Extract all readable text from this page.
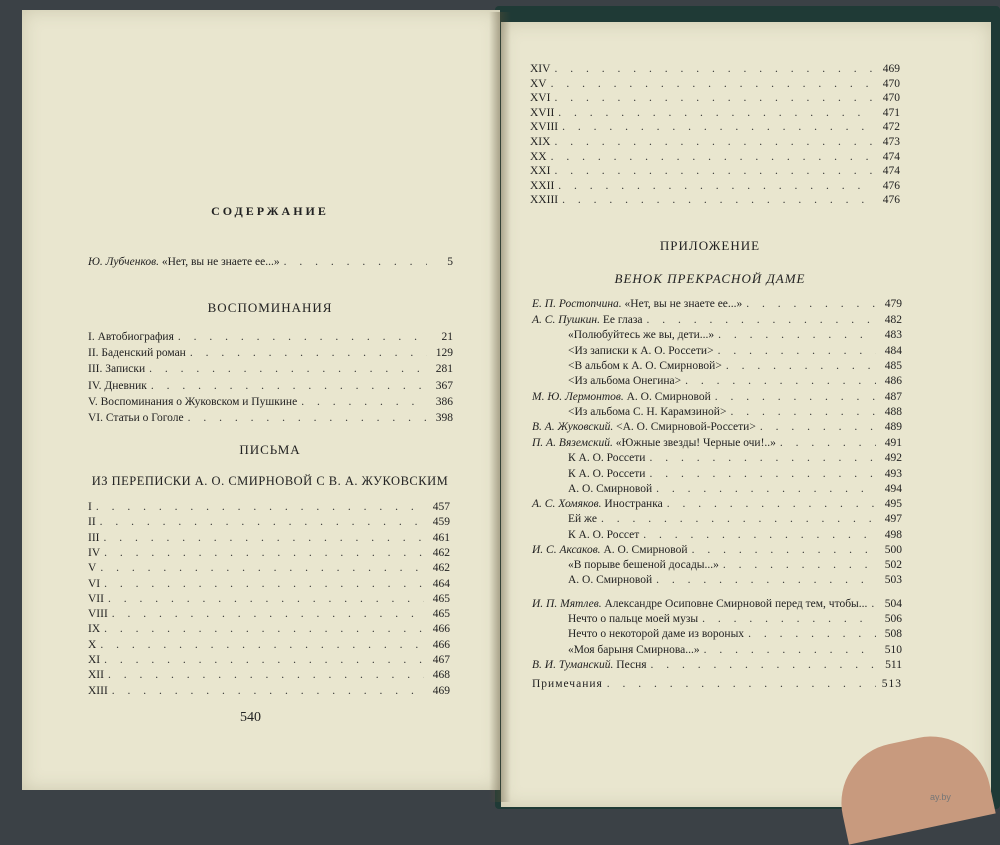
ay.by
СОДЕРЖАНИЕ
Ю. Лубченков. «Нет, вы не знаете ее...» . . .	5
ВОСПОМИНАНИЯ
I. Автобиография . . .	21
II. Баденский роман . . .	129
III. Записки . . .	281
IV. Дневник . . .	367
V. Воспоминания о Жуковском и Пушкине . . .	386
VI. Статьи о Гоголе . . .	398
ПИСЬМА
ИЗ ПЕРЕПИСКИ А. О. СМИРНОВОЙ С В. А. ЖУКОВСКИМ
I . . .	457
II . . .	459
III . . .	461
IV . . .	462
V . . .	462
VI . . .	464
VII . . .	465
VIII . . .	465
IX . . .	466
X . . .	466
XI . . .	467
XII . . .	468
XIII . . .	469
540
XIV . . .	469
XV . . .	470
XVI . . .	470
XVII . . .	471
XVIII . . .	472
XIX . . .	473
XX . . .	474
XXI . . .	474
XXII . . .	476
XXIII . . .	476
ПРИЛОЖЕНИЕ
ВЕНОК ПРЕКРАСНОЙ ДАМЕ
Е. П. Ростопчина. «Нет, вы не знаете ее...» . . .	479
А. С. Пушкин. Ее глаза . . .	482
«Полюбуйтесь же вы, дети...» . . .	483
<Из записки к А. О. Россети> . . .	484
<В альбом к А. О. Смирновой> . . .	485
<Из альбома Онегина> . . .	486
М. Ю. Лермонтов. А. О. Смирновой . . .	487
<Из альбома С. Н. Карамзиной> . . .	488
В. А. Жуковский. <А. О. Смирновой-Россети> . . .	489
П. А. Вяземский. «Южные звезды! Черные очи!..» . . .	491
К А. О. Россети . . .	492
К А. О. Россети . . .	493
А. О. Смирновой . . .	494
А. С. Хомяков. Иностранка . . .	495
Ей же . . .	497
К А. О. Россет . . .	498
И. С. Аксаков. А. О. Смирновой . . .	500
«В порыве бешеной досады...» . . .	502
А. О. Смирновой . . .	503
И. П. Мятлев. Александре Осиповне Смирновой перед тем, чтобы... . . .	504
Нечто о пальце моей музы . . .	506
Нечто о некоторой даме из вороных . . .	508
«Моя барыня Смирнова...» . . .	510
В. И. Туманский. Песня . . .	511
Примечания . . .	513
